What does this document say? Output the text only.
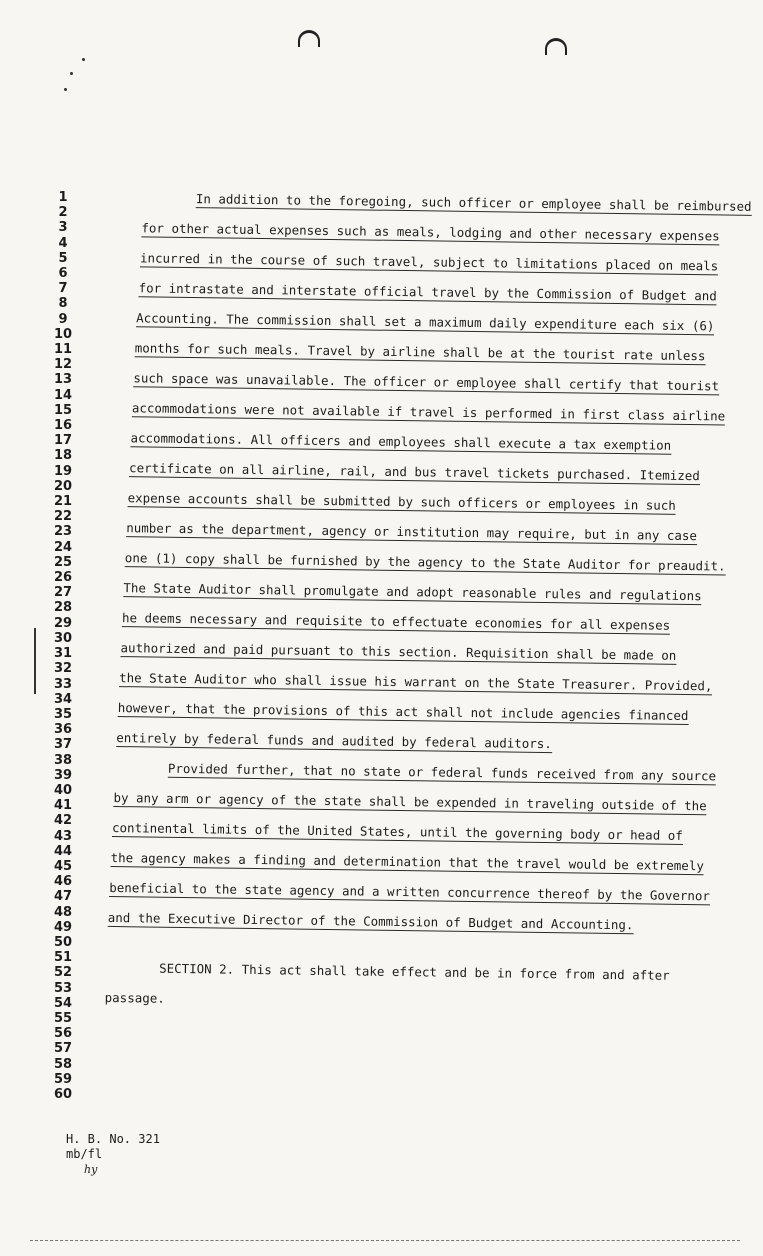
1
2
3
4
5
6
7
8
9
10
11
12
13
14
15
16
17
18
19
20
21
22
23
24
25
26
27
28
29
30
31
32
33
34
35
36
37
38
39
40
41
42
43
44
45
46
47
48
49
50
51
52
53
54
55
56
57
58
59
60
In addition to the foregoing, such officer or employee shall be reimbursed
for other actual expenses such as meals, lodging and other necessary expenses
incurred in the course of such travel, subject to limitations placed on meals
for intrastate and interstate official travel by the Commission of Budget and
Accounting. The commission shall set a maximum daily expenditure each six (6)
months for such meals. Travel by airline shall be at the tourist rate unless
such space was unavailable. The officer or employee shall certify that tourist
accommodations were not available if travel is performed in first class airline
accommodations. All officers and employees shall execute a tax exemption
certificate on all airline, rail, and bus travel tickets purchased. Itemized
expense accounts shall be submitted by such officers or employees in such
number as the department, agency or institution may require, but in any case
one (1) copy shall be furnished by the agency to the State Auditor for preaudit.
The State Auditor shall promulgate and adopt reasonable rules and regulations
he deems necessary and requisite to effectuate economies for all expenses
authorized and paid pursuant to this section. Requisition shall be made on
the State Auditor who shall issue his warrant on the State Treasurer. Provided,
however, that the provisions of this act shall not include agencies financed
entirely by federal funds and audited by federal auditors.
Provided further, that no state or federal funds received from any source
by any arm or agency of the state shall be expended in traveling outside of the
continental limits of the United States, until the governing body or head of
the agency makes a finding and determination that the travel would be extremely
beneficial to the state agency and a written concurrence thereof by the Governor
and the Executive Director of the Commission of Budget and Accounting.
SECTION 2. This act shall take effect and be in force from and after
passage.
H. B. No. 321
mb/fl
hy
